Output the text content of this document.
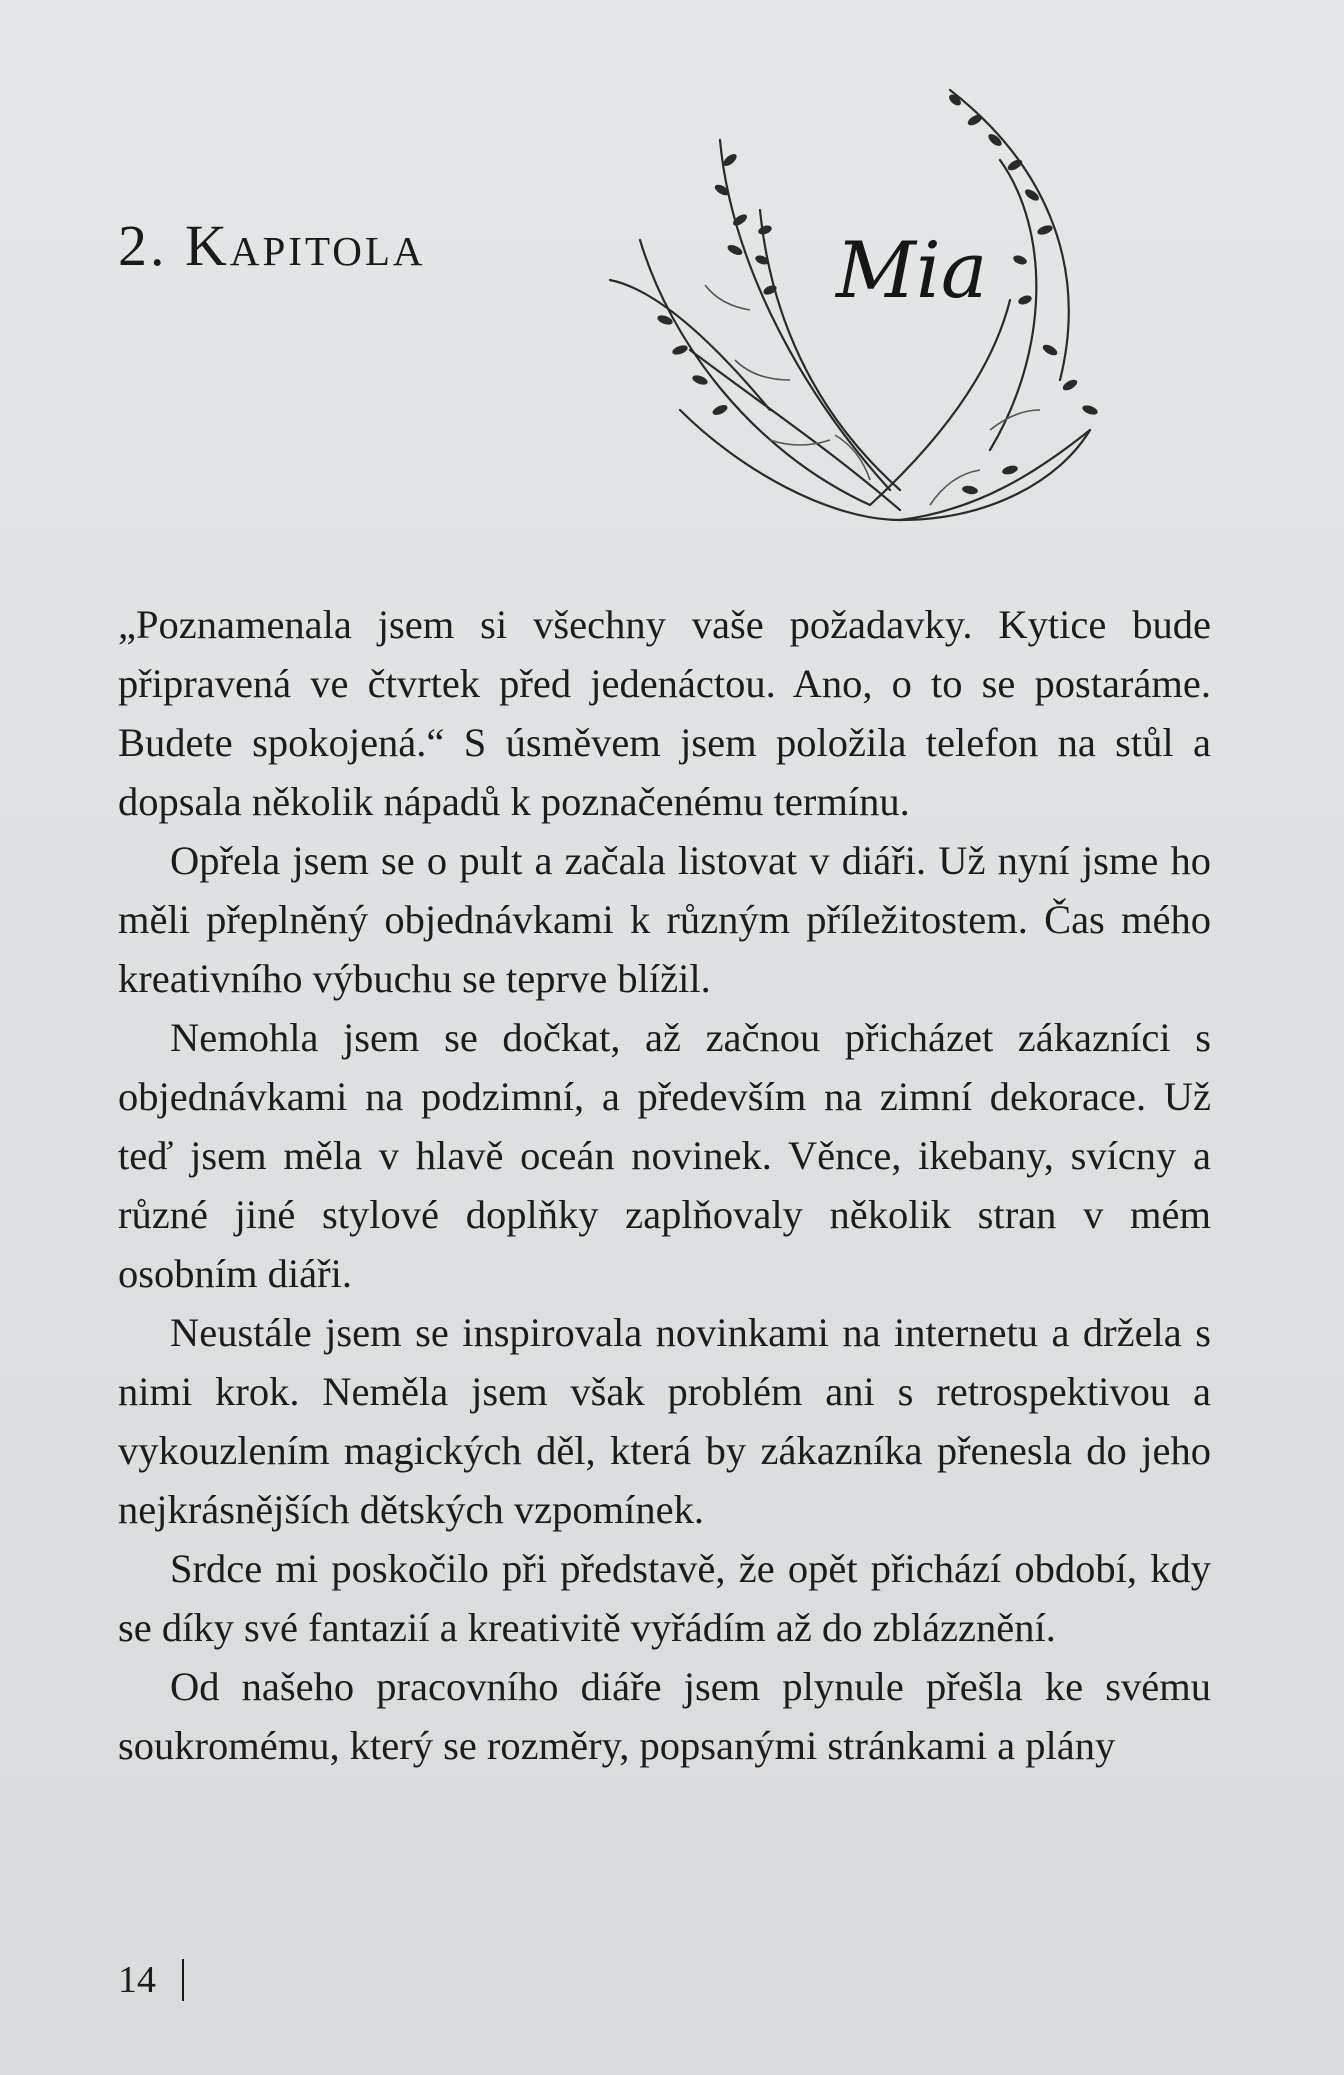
2. Kapitola	Mia

„Poznamenala jsem si všechny vaše požadavky. Kytice bude připravená ve čtvrtek před jedenáctou. Ano, o to se postaráme. Budete spokojená.“ S úsměvem jsem položila telefon na stůl a dopsala několik nápadů k poznačenému termínu.

Opřela jsem se o pult a začala listovat v diáři. Už nyní jsme ho měli přeplněný objednávkami k různým příležitostem. Čas mého kreativního výbuchu se teprve blížil.

Nemohla jsem se dočkat, až začnou přicházet zákazníci s objednávkami na podzimní, a především na zimní dekorace. Už teď jsem měla v hlavě oceán novinek. Věnce, ikebany, svícny a různé jiné stylové doplňky zaplňovaly několik stran v mém osobním diáři.

Neustále jsem se inspirovala novinkami na internetu a držela s nimi krok. Neměla jsem však problém ani s retrospektivou a vykouzlením magických děl, která by zákazníka přenesla do jeho nejkrásnějších dětských vzpomínek.

Srdce mi poskočilo při představě, že opět přichází období, kdy se díky své fantazií a kreativitě vyřádím až do zblázznění.

Od našeho pracovního diáře jsem plynule přešla ke svému soukromému, který se rozměry, popsanými stránkami a plány

14
